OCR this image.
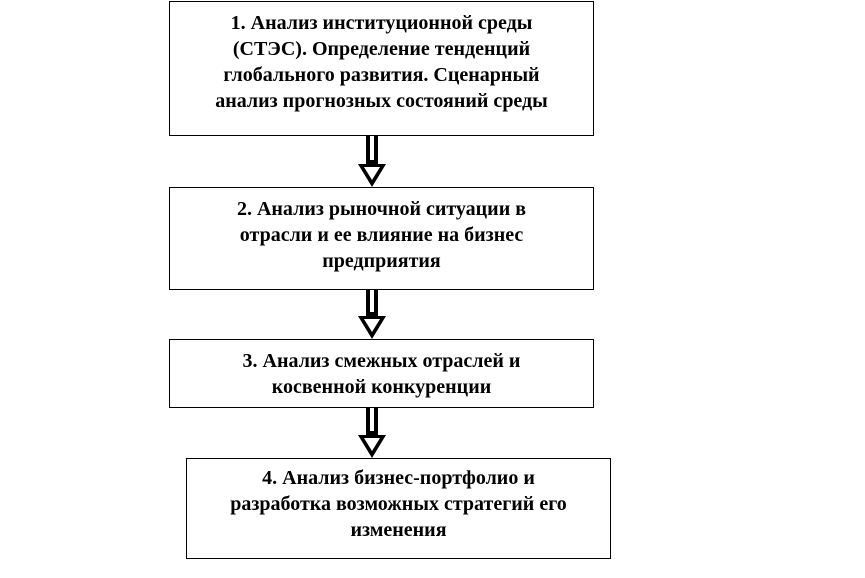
1. Анализ институционной среды
(СТЭС). Определение тенденций
глобального развития. Сценарный
анализ прогнозных состояний среды
2. Анализ рыночной ситуации в
отрасли и ее влияние на бизнес
предприятия
3. Анализ смежных отраслей и
косвенной конкуренции
4. Анализ бизнес-портфолио и
разработка возможных стратегий его
изменения
